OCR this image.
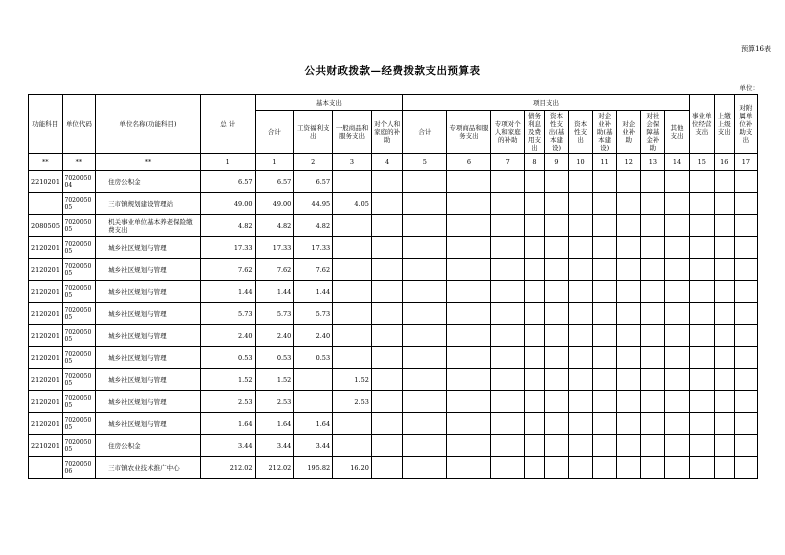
预算16表
公共财政拨款—经费拨款支出预算表
单位：
功能科目	单位代码	单位名称(功能科目)	总 计	基本支出				项目支出										事业单位经营支出	上缴上级支出	对附属单位补助支出
				合计	工资福利支出	一般商品和服务支出	对个人和家庭的补助	合计	专项商品和服务支出	专项对个人和家庭的补助	债务利息及费用支出	资本性支出(基本建设)	资本性支出	对企业补助(基本建设)	对企业补助	对社会保障基金补助	其他支出			
**	**	**	1	1	2	3	4	5	6	7	8	9	10	11	12	13	14	15	16	17
2210201	702005004	住房公积金	6.57	6.57	6.57															
	702005005	三市镇规划建设管理站	49.00	49.00	44.95	4.05														
2080505	702005005	机关事业单位基本养老保险缴费支出	4.82	4.82	4.82															
2120201	702005005	城乡社区规划与管理	17.33	17.33	17.33															
2120201	702005005	城乡社区规划与管理	7.62	7.62	7.62															
2120201	702005005	城乡社区规划与管理	1.44	1.44	1.44															
2120201	702005005	城乡社区规划与管理	5.73	5.73	5.73															
2120201	702005005	城乡社区规划与管理	2.40	2.40	2.40															
2120201	702005005	城乡社区规划与管理	0.53	0.53	0.53															
2120201	702005005	城乡社区规划与管理	1.52	1.52		1.52														
2120201	702005005	城乡社区规划与管理	2.53	2.53		2.53														
2120201	702005005	城乡社区规划与管理	1.64	1.64	1.64															
2210201	702005005	住房公积金	3.44	3.44	3.44															
	702005006	三市镇农业技术推广中心	212.02	212.02	195.82	16.20														
